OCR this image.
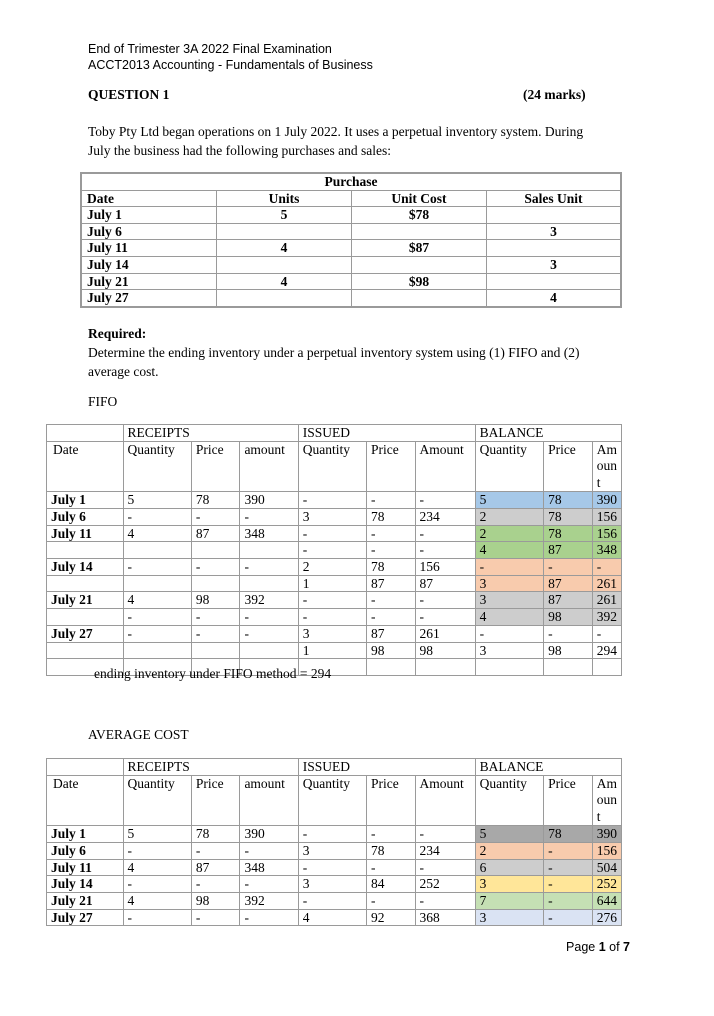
End of Trimester 3A 2022 Final Examination
ACCT2013 Accounting - Fundamentals of Business
QUESTION 1	(24 marks)
Toby Pty Ltd began operations on 1 July 2022. It uses a perpetual inventory system. During
July the business had the following purchases and sales:
Purchase			
Date	Units	Unit Cost	Sales Unit
July 1	5	$78	
July 6			3
July 11	4	$87	
July 14			3
July 21	4	$98	
July 27			4
Required:
Determine the ending inventory under a perpetual inventory system using (1) FIFO and (2)
average cost.
FIFO
	RECEIPTS			ISSUED			BALANCE		
Date	Quantity	Price	amount	Quantity	Price	Amount	Quantity	Price	Amount
July 1	5	78	390	-	-	-	5	78	390
July 6	-	-	-	3	78	234	2	78	156
July 11	4	87	348	-	-	-	2	78	156
				-	-	-	4	87	348
July 14	-	-	-	2	78	156	-	-	-
				1	87	87	3	87	261
July 21	4	98	392	-	-	-	3	87	261
	-	-	-	-	-	-	4	98	392
July 27	-	-	-	3	87	261	-	-	-
				1	98	98	3	98	294

ending inventory under FIFO method = 294
AVERAGE COST
	RECEIPTS			ISSUED			BALANCE		
Date	Quantity	Price	amount	Quantity	Price	Amount	Quantity	Price	Amount
July 1	5	78	390	-	-	-	5	78	390
July 6	-	-	-	3	78	234	2	-	156
July 11	4	87	348	-	-	-	6	-	504
July 14	-	-	-	3	84	252	3	-	252
July 21	4	98	392	-	-	-	7	-	644
July 27	-	-	-	4	92	368	3	-	276
Page 1 of 7
